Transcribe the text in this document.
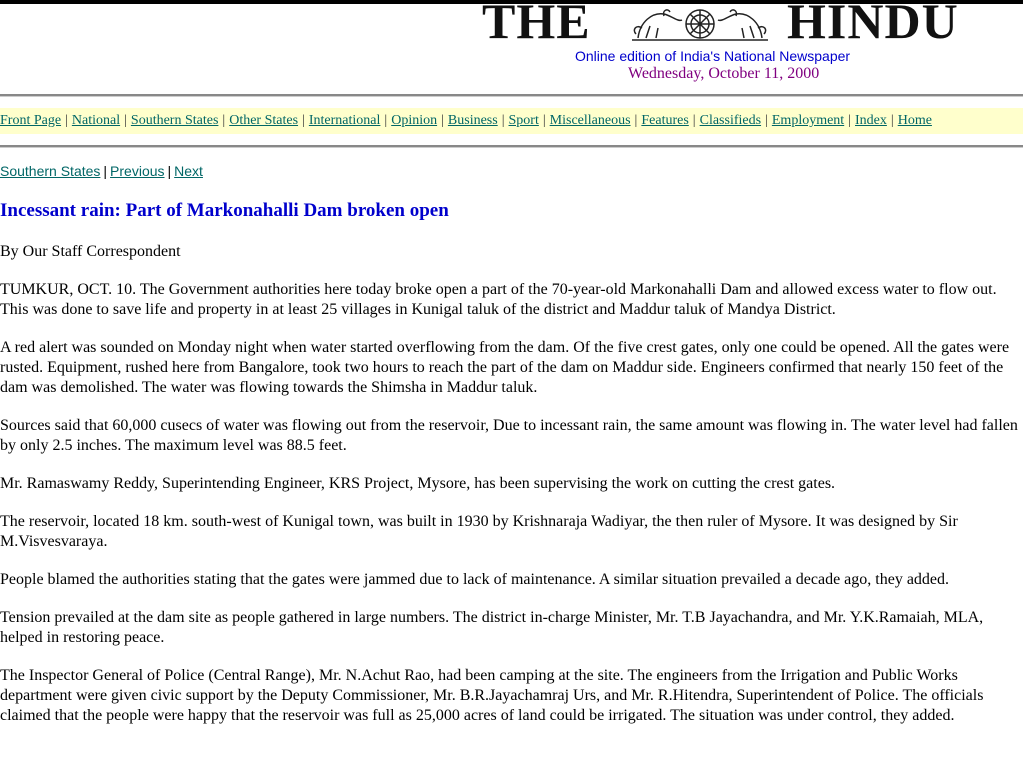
THE	HINDU
Online edition of India's National Newspaper
Wednesday, October 11, 2000
Front Page | National | Southern States | Other States | International | Opinion | Business | Sport | Miscellaneous | Features | Classifieds | Employment | Index | Home
Southern States | Previous | Next
Incessant rain: Part of Markonahalli Dam broken open
By Our Staff Correspondent

TUMKUR, OCT. 10. The Government authorities here today broke open a part of the 70-year-old Markonahalli Dam and allowed excess water to flow out. This was done to save life and property in at least 25 villages in Kunigal taluk of the district and Maddur taluk of Mandya District.

A red alert was sounded on Monday night when water started overflowing from the dam. Of the five crest gates, only one could be opened. All the gates were rusted. Equipment, rushed here from Bangalore, took two hours to reach the part of the dam on Maddur side. Engineers confirmed that nearly 150 feet of the dam was demolished. The water was flowing towards the Shimsha in Maddur taluk.

Sources said that 60,000 cusecs of water was flowing out from the reservoir, Due to incessant rain, the same amount was flowing in. The water level had fallen by only 2.5 inches. The maximum level was 88.5 feet.

Mr. Ramaswamy Reddy, Superintending Engineer, KRS Project, Mysore, has been supervising the work on cutting the crest gates.

The reservoir, located 18 km. south-west of Kunigal town, was built in 1930 by Krishnaraja Wadiyar, the then ruler of Mysore. It was designed by Sir M.Visvesvaraya.

People blamed the authorities stating that the gates were jammed due to lack of maintenance. A similar situation prevailed a decade ago, they added.

Tension prevailed at the dam site as people gathered in large numbers. The district in-charge Minister, Mr. T.B Jayachandra, and Mr. Y.K.Ramaiah, MLA, helped in restoring peace.

The Inspector General of Police (Central Range), Mr. N.Achut Rao, had been camping at the site. The engineers from the Irrigation and Public Works department were given civic support by the Deputy Commissioner, Mr. B.R.Jayachamraj Urs, and Mr. R.Hitendra, Superintendent of Police. The officials claimed that the people were happy that the reservoir was full as 25,000 acres of land could be irrigated. The situation was under control, they added.
